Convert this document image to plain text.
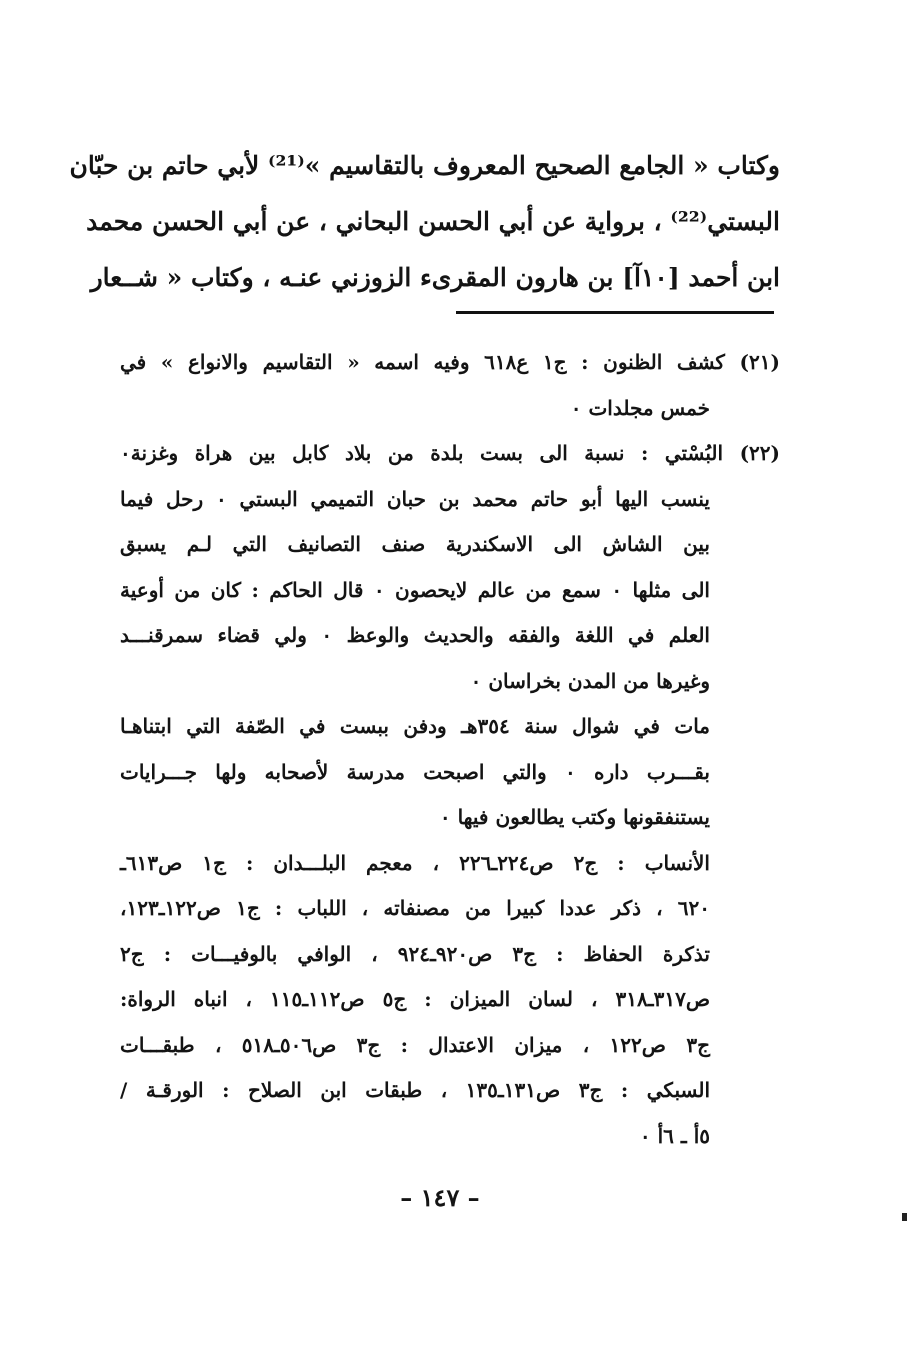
وكتاب « الجامع الصحيح المعروف بالتقاسيم »⁽²¹⁾ لأبي حاتم بن حبّان
البستي⁽²²⁾ ، برواية عن أبي الحسن البحاني ، عن أبي الحسن محمد
ابن أحمد [١٠آ] بن هارون المقرىء الزوزني عنـه ، وكتاب « شــعار
(٢١) كشف الظنون : ج١ ع٦١٨ وفيه اسمه « التقاسيم والانواع » في
خمس مجلدات ٠
(٢٢) البُسْتي : نسبة الى بست بلدة من بلاد كابل بين هراة وغزنة٠
ينسب اليها أبو حاتم محمد بن حبان التميمي البستي ٠ رحل فيما
بين الشاش الى الاسكندرية صنف التصانيف التي لـم يسبق
الى مثلها ٠ سمع من عالم لايحصون ٠ قال الحاكم : كان من أوعية
العلم في اللغة والفقه والحديث والوعظ ٠ ولي قضاء سمرقنـــد
وغيرها من المدن بخراسان ٠
مات في شوال سنة ٣٥٤هـ ودفن ببست في الصّفة التي ابتناهـا
بقـــرب داره ٠ والتي اصبحت مدرسة لأصحابه ولها جـــرايات
يستنفقونها وكتب يطالعون فيها ٠
الأنساب : ج٢ ص٢٢٤ـ٢٢٦ ، معجم البلـــدان : ج١ ص٦١٣ـ
٦٢٠ ، ذكر عددا كبيرا من مصنفاته ، اللباب : ج١ ص١٢٢ـ١٢٣،
تذكرة الحفاظ : ج٣ ص٩٢٠ـ٩٢٤ ، الوافي بالوفيـــات : ج٢
ص٣١٧ـ٣١٨ ، لسان الميزان : ج٥ ص١١٢ـ١١٥ ، انباه الرواة:
ج٣ ص١٢٢ ، ميزان الاعتدال : ج٣ ص٥٠٦ـ٥١٨ ، طبقـــات
السبكي : ج٣ ص١٣١ـ١٣٥ ، طبقات ابن الصلاح : الورقـة /
٥أ ـ ٦أ ٠
– ١٤٧ –
